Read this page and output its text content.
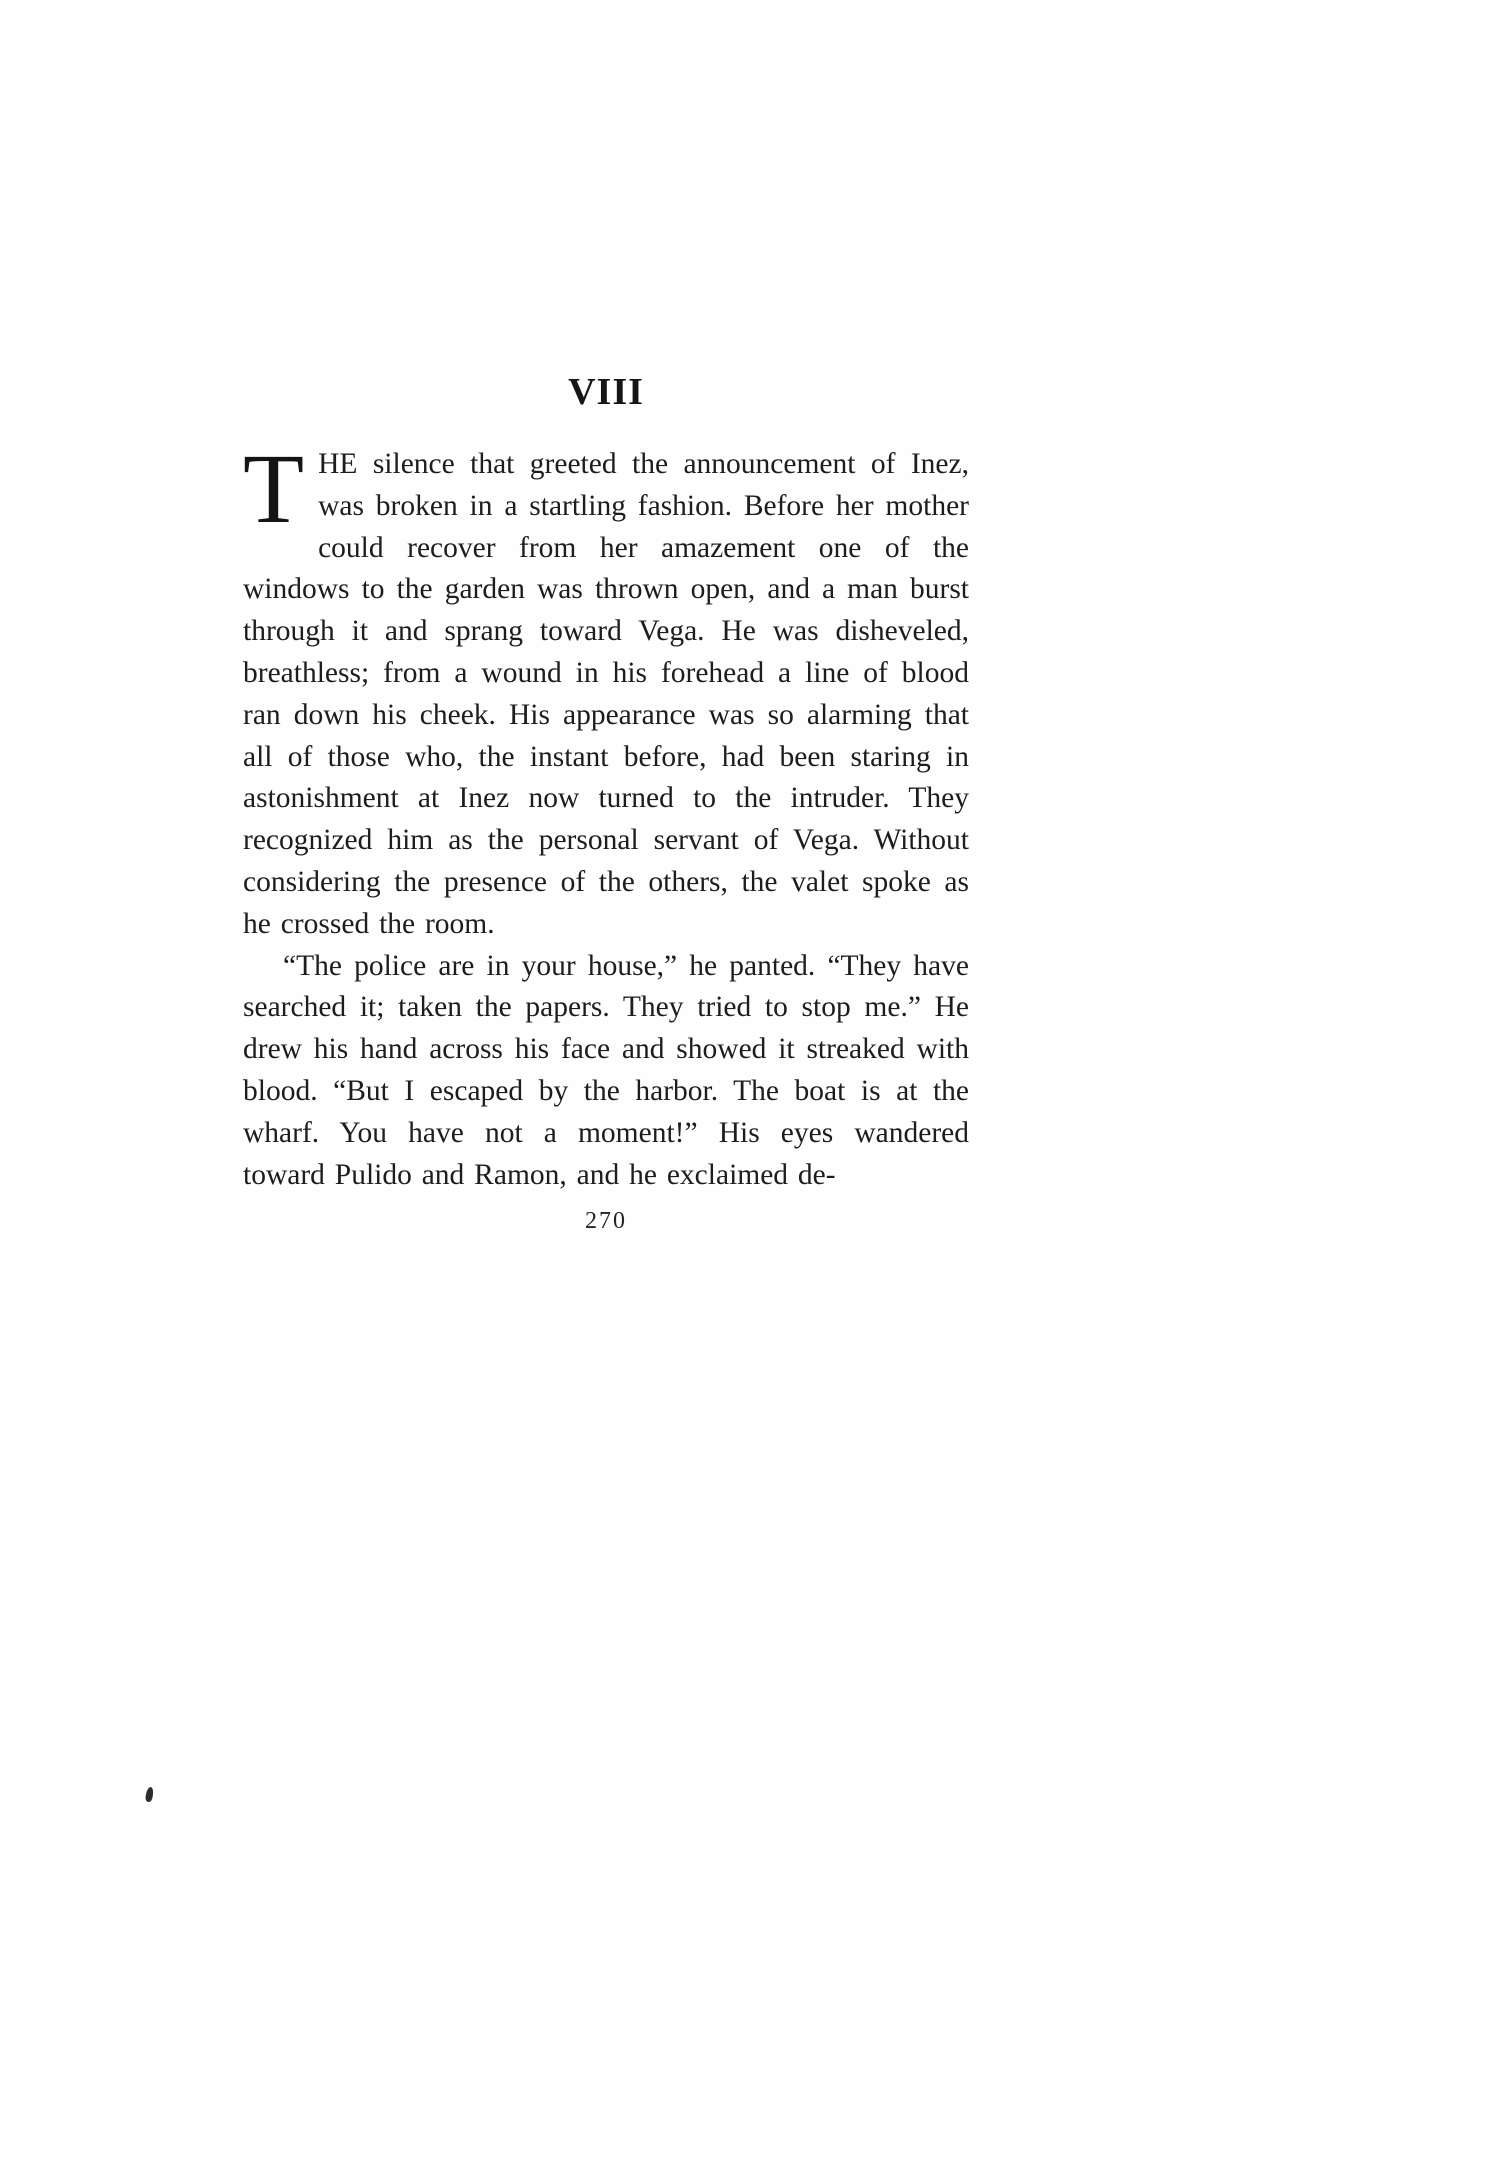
VIII

THE silence that greeted the announcement of Inez, was broken in a startling fashion. Before her mother could recover from her amazement one of the windows to the garden was thrown open, and a man burst through it and sprang toward Vega. He was disheveled, breathless; from a wound in his forehead a line of blood ran down his cheek. His appearance was so alarming that all of those who, the instant before, had been staring in astonishment at Inez now turned to the intruder. They recognized him as the personal servant of Vega. Without considering the presence of the others, the valet spoke as he crossed the room.

“The police are in your house,” he panted. “They have searched it; taken the papers. They tried to stop me.” He drew his hand across his face and showed it streaked with blood. “But I escaped by the harbor. The boat is at the wharf. You have not a moment!” His eyes wandered toward Pulido and Ramon, and he exclaimed de-

270
